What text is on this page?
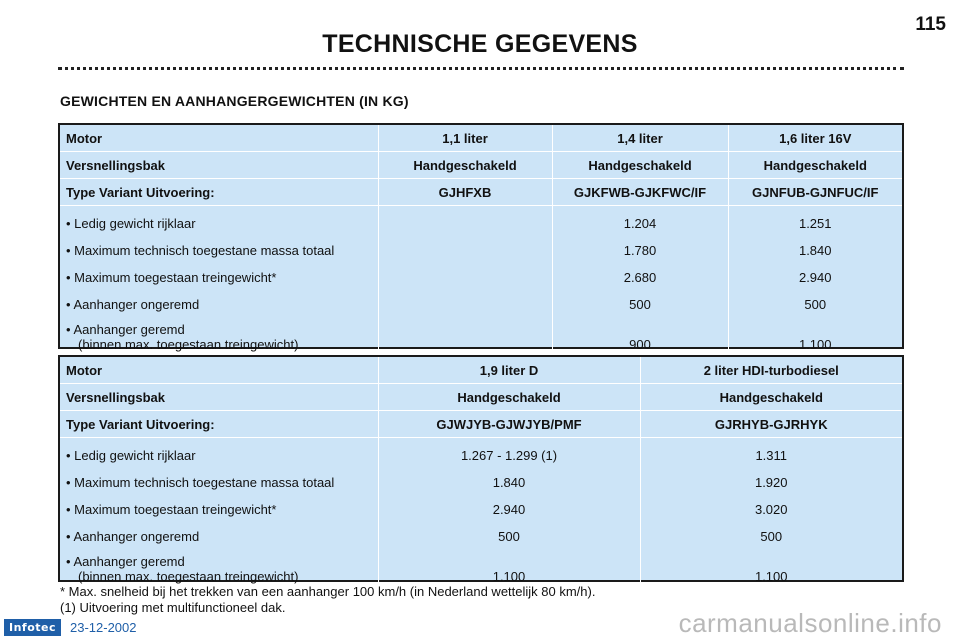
115
TECHNISCHE GEGEVENS
GEWICHTEN EN AANHANGERGEWICHTEN (IN KG)
Motor	1,1 liter	1,4 liter	1,6 liter 16V
Versnellingsbak	Handgeschakeld	Handgeschakeld	Handgeschakeld
Type Variant Uitvoering:	GJHFXB	GJKFWB-GJKFWC/IF	GJNFUB-GJNFUC/IF
• Ledig gewicht rijklaar		1.204	1.251
• Maximum technisch toegestane massa totaal		1.780	1.840
• Maximum toegestaan treingewicht*		2.680	2.940
• Aanhanger ongeremd		500	500

• Aanhanger geremd
(binnen max. toegestaan treingewicht)		900	1.100
Motor	1,9 liter D	2 liter HDI-turbodiesel
Versnellingsbak	Handgeschakeld	Handgeschakeld
Type Variant Uitvoering:	GJWJYB-GJWJYB/PMF	GJRHYB-GJRHYK
• Ledig gewicht rijklaar	1.267 - 1.299 (1)	1.311
• Maximum technisch toegestane massa totaal	1.840	1.920
• Maximum toegestaan treingewicht*	2.940	3.020
• Aanhanger ongeremd	500	500

• Aanhanger geremd
(binnen max. toegestaan treingewicht)	1.100	1.100
* Max. snelheid bij het trekken van een aanhanger 100 km/h (in Nederland wettelijk 80 km/h).
(1) Uitvoering met multifunctioneel dak.
Infotec	23-12-2002	carmanualsonline.info
